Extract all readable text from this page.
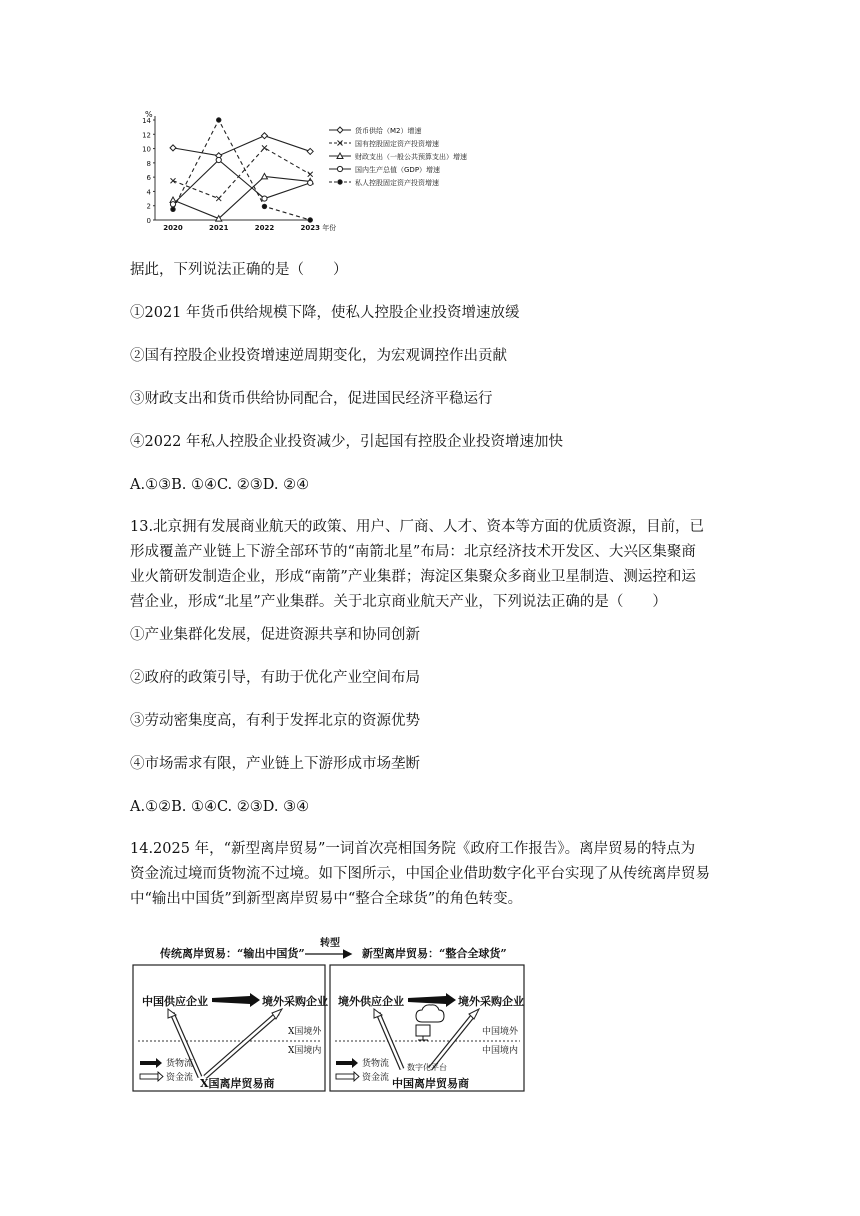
%
0
2
4
6
8
10
12
14
2020	2021	2022	2023 年份
货币供给（M2）增速
国有控股固定资产投资增速
财政支出（一般公共预算支出）增速
国内生产总值（GDP）增速
私人控股固定资产投资增速
据此，下列说法正确的是（　　）
①2021 年货币供给规模下降，使私人控股企业投资增速放缓
②国有控股企业投资增速逆周期变化，为宏观调控作出贡献
③财政支出和货币供给协同配合，促进国民经济平稳运行
④2022 年私人控股企业投资减少，引起国有控股企业投资增速加快
A.①③B. ①④C. ②③D. ②④
13.北京拥有发展商业航天的政策、用户、厂商、人才、资本等方面的优质资源，目前，已
形成覆盖产业链上下游全部环节的“南箭北星”布局：北京经济技术开发区、大兴区集聚商
业火箭研发制造企业，形成“南箭”产业集群；海淀区集聚众多商业卫星制造、测运控和运
营企业，形成“北星”产业集群。关于北京商业航天产业，下列说法正确的是（　　）
①产业集群化发展，促进资源共享和协同创新
②政府的政策引导，有助于优化产业空间布局
③劳动密集度高，有利于发挥北京的资源优势
④市场需求有限，产业链上下游形成市场垄断
A.①②B. ①④C. ②③D. ③④
14.2025 年，“新型离岸贸易”一词首次亮相国务院《政府工作报告》。离岸贸易的特点为
资金流过境而货物流不过境。如下图所示，中国企业借助数字化平台实现了从传统离岸贸易
中“输出中国货”到新型离岸贸易中“整合全球货”的角色转变。
传统离岸贸易：“输出中国货”
转型
新型离岸贸易：“整合全球货”
中国供应企业	境外采购企业
X国境外
X国境内
货物流
资金流 X国离岸贸易商
境外供应企业	境外采购企业
中国境外
中国境内
数字化平台
货物流
资金流 中国离岸贸易商
